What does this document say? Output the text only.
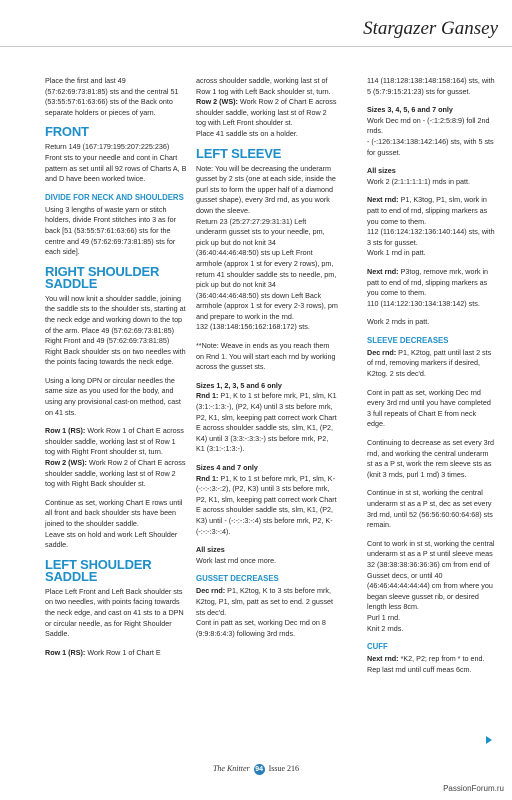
Stargazer Gansey

Place the first and last 49 (57:62:69:73:81:85) sts and the central 51 (53:55:57:61:63:66) sts of the Back onto separate holders or pieces of yarn.

FRONT

Return 149 (167:179:195:207:225:236) Front sts to your needle and cont in Chart pattern as set until all 92 rows of Charts A, B and D have been worked twice.

DIVIDE FOR NECK AND SHOULDERS

Using 3 lengths of waste yarn or stitch holders, divide Front stitches into 3 as for back [51 (53:55:57:61:63:66) sts for the centre and 49 (57:62:69:73:81:85) sts for each side].

RIGHT SHOULDER SADDLE

You will now knit a shoulder saddle, joining the saddle sts to the shoulder sts, starting at the neck edge and working down to the top of the arm. Place 49 (57:62:69:73:81:85) Right Front and 49 (57:62:69:73:81:85) Right Back shoulder sts on two needles with the points facing towards the neck edge.

Using a long DPN or circular needles the same size as you used for the body, and using any provisional cast-on method, cast on 41 sts.

Row 1 (RS): Work Row 1 of Chart E across shoulder saddle, working last st of Row 1 tog with Right Front shoulder st, turn.

Row 2 (WS): Work Row 2 of Chart E across shoulder saddle, working last st of Row 2 tog with Right Back shoulder st.

Continue as set, working Chart E rows until all front and back shoulder sts have been joined to the shoulder saddle.

Leave sts on hold and work Left Shoulder saddle.

LEFT SHOULDER SADDLE

Place Left Front and Left Back shoulder sts on two needles, with points facing towards the neck edge, and cast on 41 sts to a DPN or circular needle, as for Right Shoulder Saddle.

Row 1 (RS): Work Row 1 of Chart E

across shoulder saddle, working last st of Row 1 tog with Left Back shoulder st, turn.

Row 2 (WS): Work Row 2 of Chart E across shoulder saddle, working last st of Row 2 tog with Left Front shoulder st.

Place 41 saddle sts on a holder.

LEFT SLEEVE

Note: You will be decreasing the underarm gusset by 2 sts (one at each side, inside the purl sts to form the upper half of a diamond gusset shape), every 3rd rnd, as you work down the sleeve.

Return 23 (25:27:27:29:31:31) Left underarm gusset sts to your needle, pm, pick up but do not knit 34 (36:40:44:46:48:50) sts up Left Front armhole (approx 1 st for every 2 rows), pm, return 41 shoulder saddle sts to needle, pm, pick up but do not knit 34 (36:40:44:46:48:50) sts down Left Back armhole (approx 1 st for every 2-3 rows), pm and prepare to work in the rnd.

132 (138:148:156:162:168:172) sts.

**Note: Weave in ends as you reach them on Rnd 1. You will start each rnd by working across the gusset sts.

Sizes 1, 2, 3, 5 and 6 only

Rnd 1: P1, K to 1 st before mrk, P1, slm, K1 (3:1:-:1:3:-), (P2, K4) until 3 sts before mrk, P2, K1, slm, keeping patt correct work Chart E across shoulder saddle sts, slm, K1, (P2, K4) until 3 (3:3:-:3:3:-) sts before mrk, P2, K1 (3:1:-:1:3:-).

Sizes 4 and 7 only

Rnd 1: P1, K to 1 st before mrk, P1, slm, K- (-:-:-:3:-:2), (P2, K3) until 3 sts before mrk, P2, K1, slm, keeping patt correct work Chart E across shoulder saddle sts, slm, K1, (P2, K3) until - (-:-:-:3:-:4) sts before mrk, P2, K- (-:-:-:3:-:4).

All sizes

Work last rnd once more.

GUSSET DECREASES

Dec rnd: P1, K2tog, K to 3 sts before mrk, K2tog, P1, slm, patt as set to end. 2 gusset sts dec'd.

Cont in patt as set, working Dec rnd on 8 (9:9:8:6:4:3) following 3rd rnds.

114 (118:128:138:148:158:164) sts, with 5 (5:7:9:15:21:23) sts for gusset.

Sizes 3, 4, 5, 6 and 7 only

Work Dec rnd on - (-:1:2:5:8:9) foll 2nd rnds.

- (-:126:134:138:142:146) sts, with 5 sts for gusset.

All sizes

Work 2 (2:1:1:1:1:1) rnds in patt.

Next rnd: P1, K3tog, P1, slm, work in patt to end of rnd, slipping markers as you come to them.

112 (116:124:132:136:140:144) sts, with 3 sts for gusset.

Work 1 rnd in patt.

Next rnd: P3tog, remove mrk, work in patt to end of rnd, slipping markers as you come to them.

110 (114:122:130:134:138:142) sts.

Work 2 rnds in patt.

SLEEVE DECREASES

Dec rnd: P1, K2tog, patt until last 2 sts of rnd, removing markers if desired, K2tog. 2 sts dec'd.

Cont in patt as set, working Dec rnd every 3rd rnd until you have completed 3 full repeats of Chart E from neck edge.

Continuing to decrease as set every 3rd rnd, and working the central underarm st as a P st, work the rem sleeve sts as (knit 3 rnds, purl 1 rnd) 3 times.

Continue in st st, working the central underarm st as a P st, dec as set every 3rd rnd, until 52 (56:56:60:60:64:68) sts remain.

Cont to work in st st, working the central underarm st as a P st until sleeve meas 32 (38:38:38:36:36:36) cm from end of Gusset decs, or until 40 (46:46:44:44:44:44) cm from where you began sleeve gusset rib, or desired length less 8cm.

Purl 1 rnd.

Knit 2 rnds.

CUFF

Next rnd: *K2, P2; rep from * to end.

Rep last rnd until cuff meas 6cm.

The Knitter 94 Issue 216
PassionForum.ru
